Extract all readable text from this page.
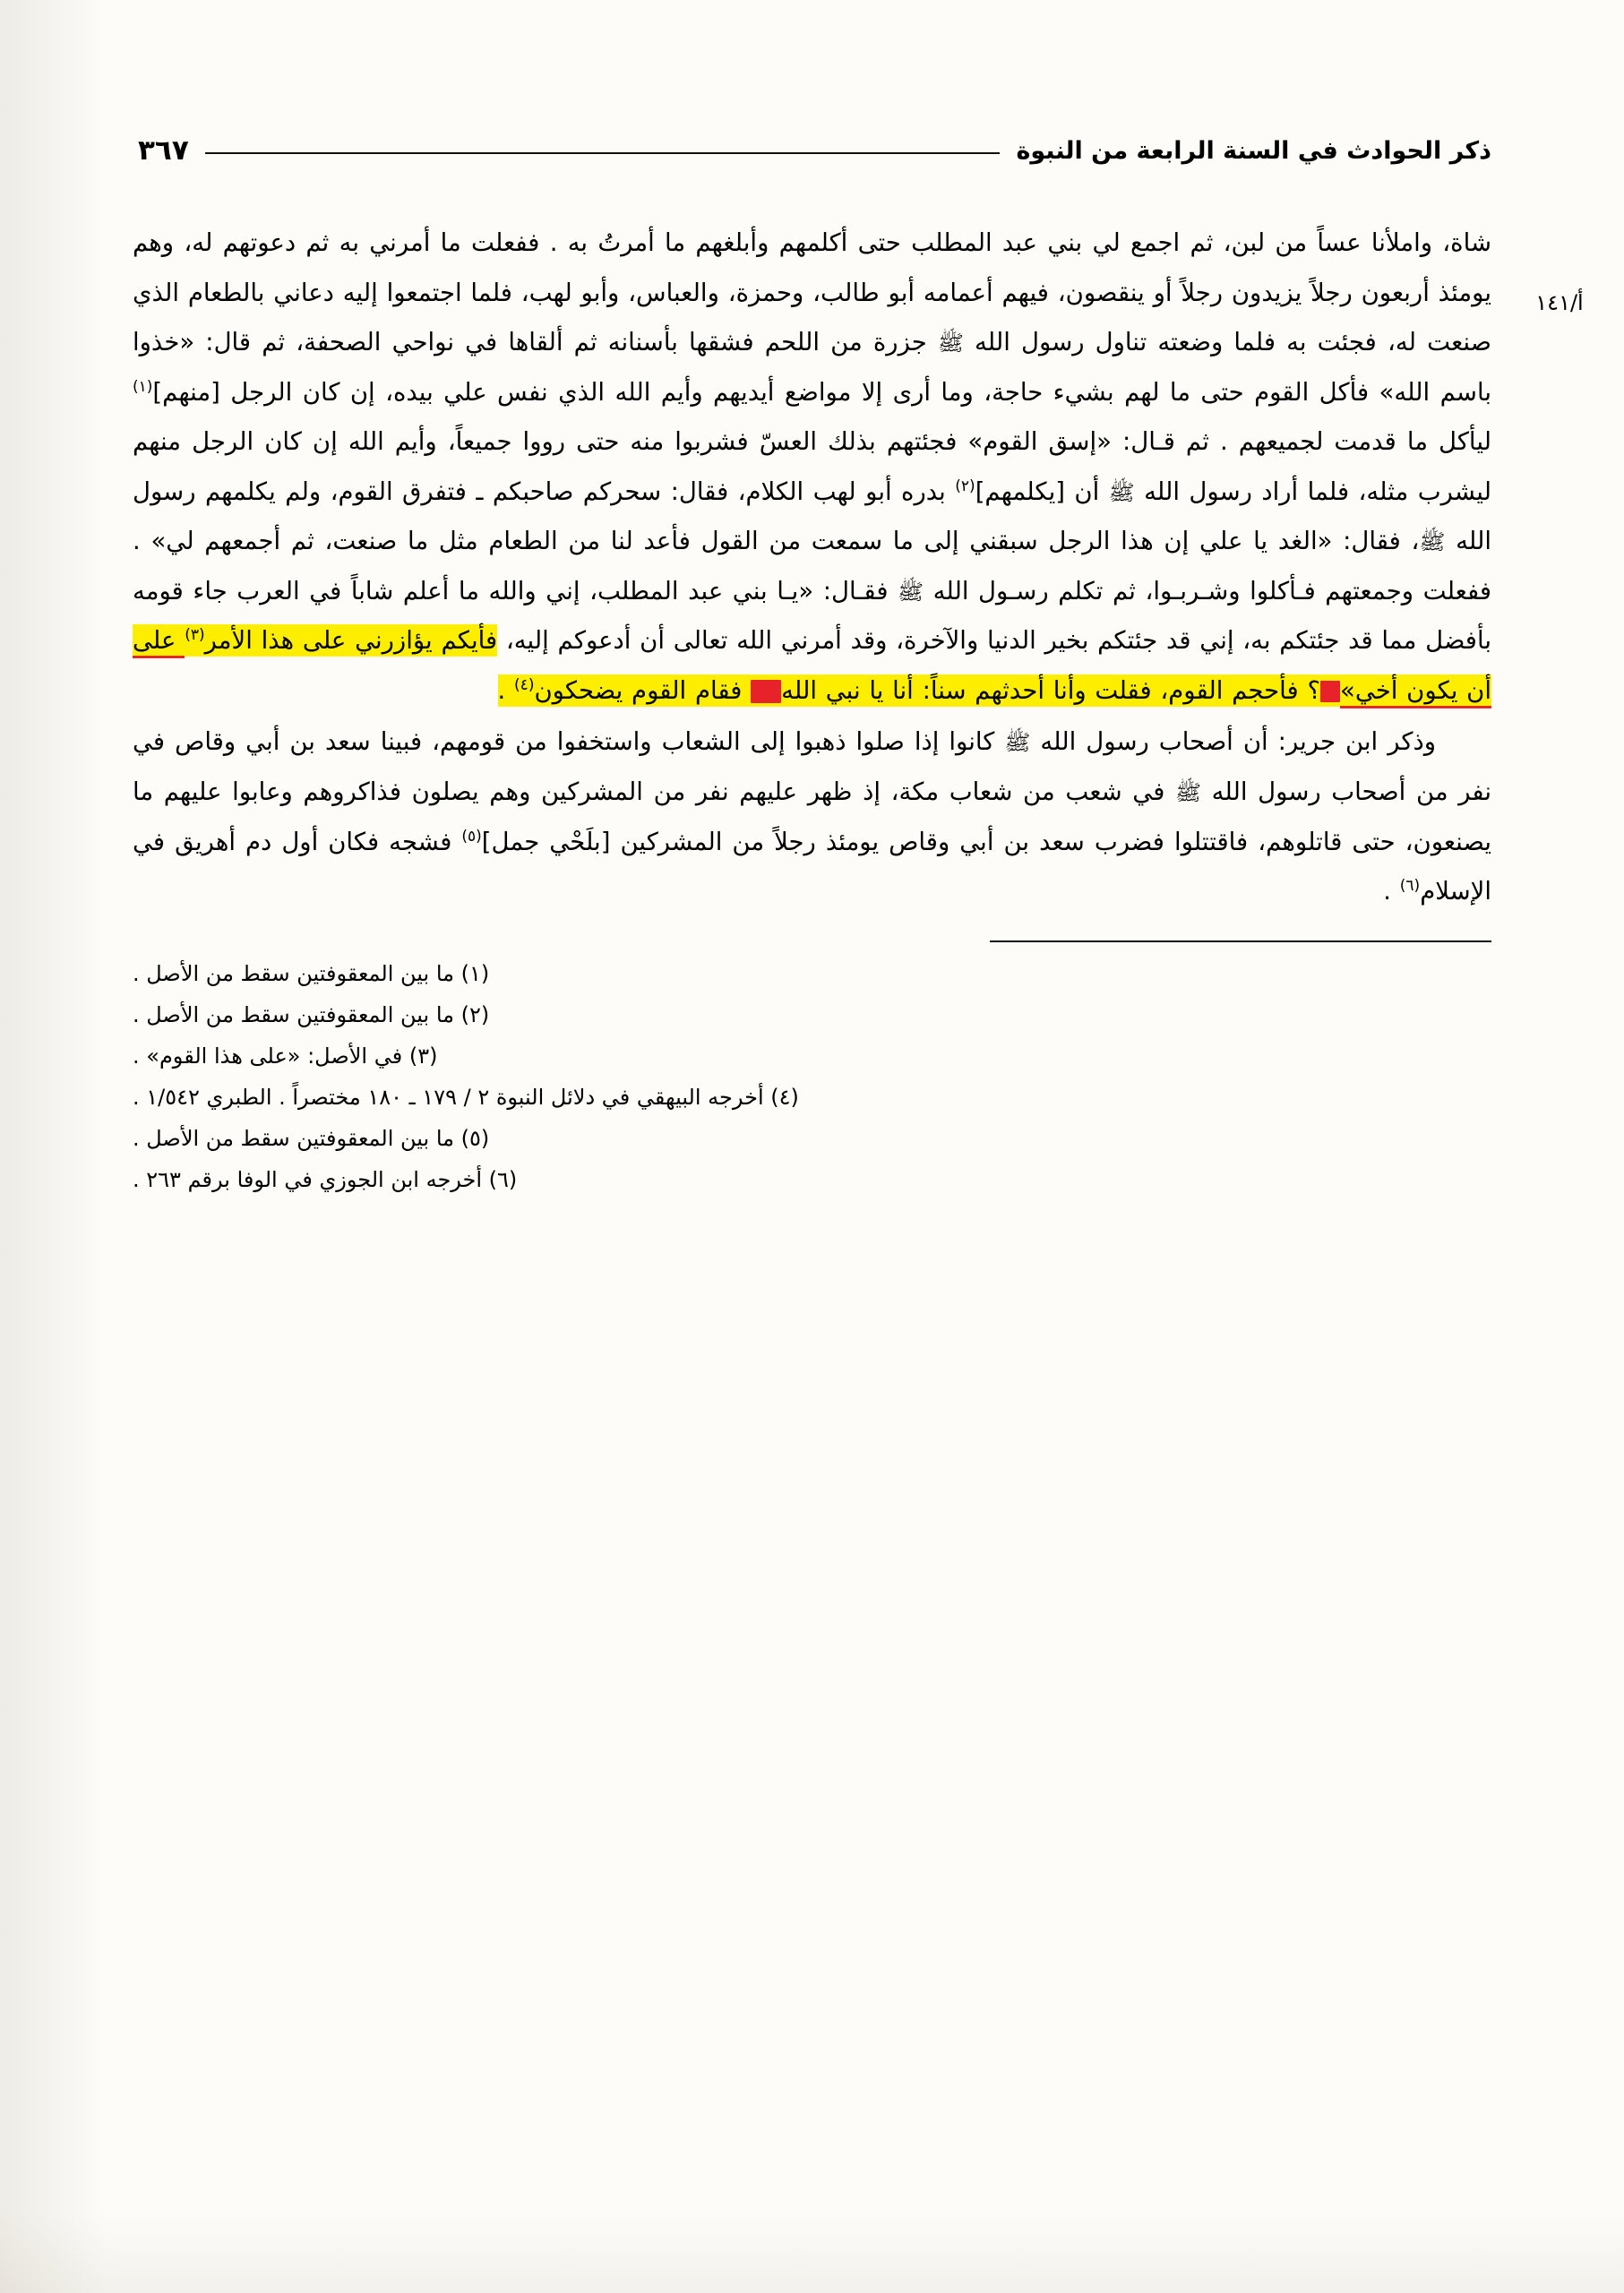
أ/١٤١
ذكر الحوادث في السنة الرابعة من النبوة
٣٦٧

شاة، واملأنا عساً من لبن، ثم اجمع لي بني عبد المطلب حتى أكلمهم وأبلغهم ما أمرتُ به . ففعلت ما أمرني به ثم دعوتهم له، وهم يومئذ أربعون رجلاً يزيدون رجلاً أو ينقصون، فيهم أعمامه أبو طالب، وحمزة، والعباس، وأبو لهب، فلما اجتمعوا إليه دعاني بالطعام الذي صنعت له، فجئت به فلما وضعته تناول رسول الله ﷺ جزرة من اللحم فشقها بأسنانه ثم ألقاها في نواحي الصحفة، ثم قال: «خذوا باسم الله» فأكل القوم حتى ما لهم بشيء حاجة، وما أرى إلا مواضع أيديهم وأيم الله الذي نفس علي بيده، إن كان الرجل [منهم]$^{(١)}$ ليأكل ما قدمت لجميعهم . ثم قـال: «إسق القوم» فجئتهم بذلك العسّ فشربوا منه حتى رووا جميعاً، وأيم الله إن كان الرجل منهم ليشرب مثله، فلما أراد رسول الله ﷺ أن [يكلمهم]$^{(٢)}$ بدره أبو لهب الكلام، فقال: سحركم صاحبكم ـ فتفرق القوم، ولم يكلمهم رسول الله ﷺ، فقال: «الغد يا علي إن هذا الرجل سبقني إلى ما سمعت من القول فأعد لنا من الطعام مثل ما صنعت، ثم أجمعهم لي» . ففعلت وجمعتهم فـأكلوا وشـربـوا، ثم تكلم رسـول الله ﷺ فقـال: «يـا بني عبد المطلب، إني والله ما أعلم شاباً في العرب جاء قومه بأفضل مما قد جئتكم به، إني قد جئتكم بخير الدنيا والآخرة، وقد أمرني الله تعالى أن أدعوكم إليه، فأيكم يؤازرني على هذا الأمر$^{(٣)}$ على أن يكون أخي»؟ فأحجم القوم، فقلت وأنا أحدثهم سناً: أنا يا نبي الله فقام القوم يضحكون$^{(٤)}$ .

وذكر ابن جرير: أن أصحاب رسول الله ﷺ كانوا إذا صلوا ذهبوا إلى الشعاب واستخفوا من قومهم، فبينا سعد بن أبي وقاص في نفر من أصحاب رسول الله ﷺ في شعب من شعاب مكة، إذ ظهر عليهم نفر من المشركين وهم يصلون فذاكروهم وعابوا عليهم ما يصنعون، حتى قاتلوهم، فاقتتلوا فضرب سعد بن أبي وقاص يومئذ رجلاً من المشركين [بلَحْي جمل]$^{(٥)}$ فشجه فكان أول دم أهريق في الإسلام$^{(٦)}$ .

(١) ما بين المعقوفتين سقط من الأصل .

(٢) ما بين المعقوفتين سقط من الأصل .

(٣) في الأصل: «على هذا القوم» .

(٤) أخرجه البيهقي في دلائل النبوة ٢ / ١٧٩ ـ ١٨٠ مختصراً . الطبري ١/٥٤٢ .

(٥) ما بين المعقوفتين سقط من الأصل .

(٦) أخرجه ابن الجوزي في الوفا برقم ٢٦٣ .
